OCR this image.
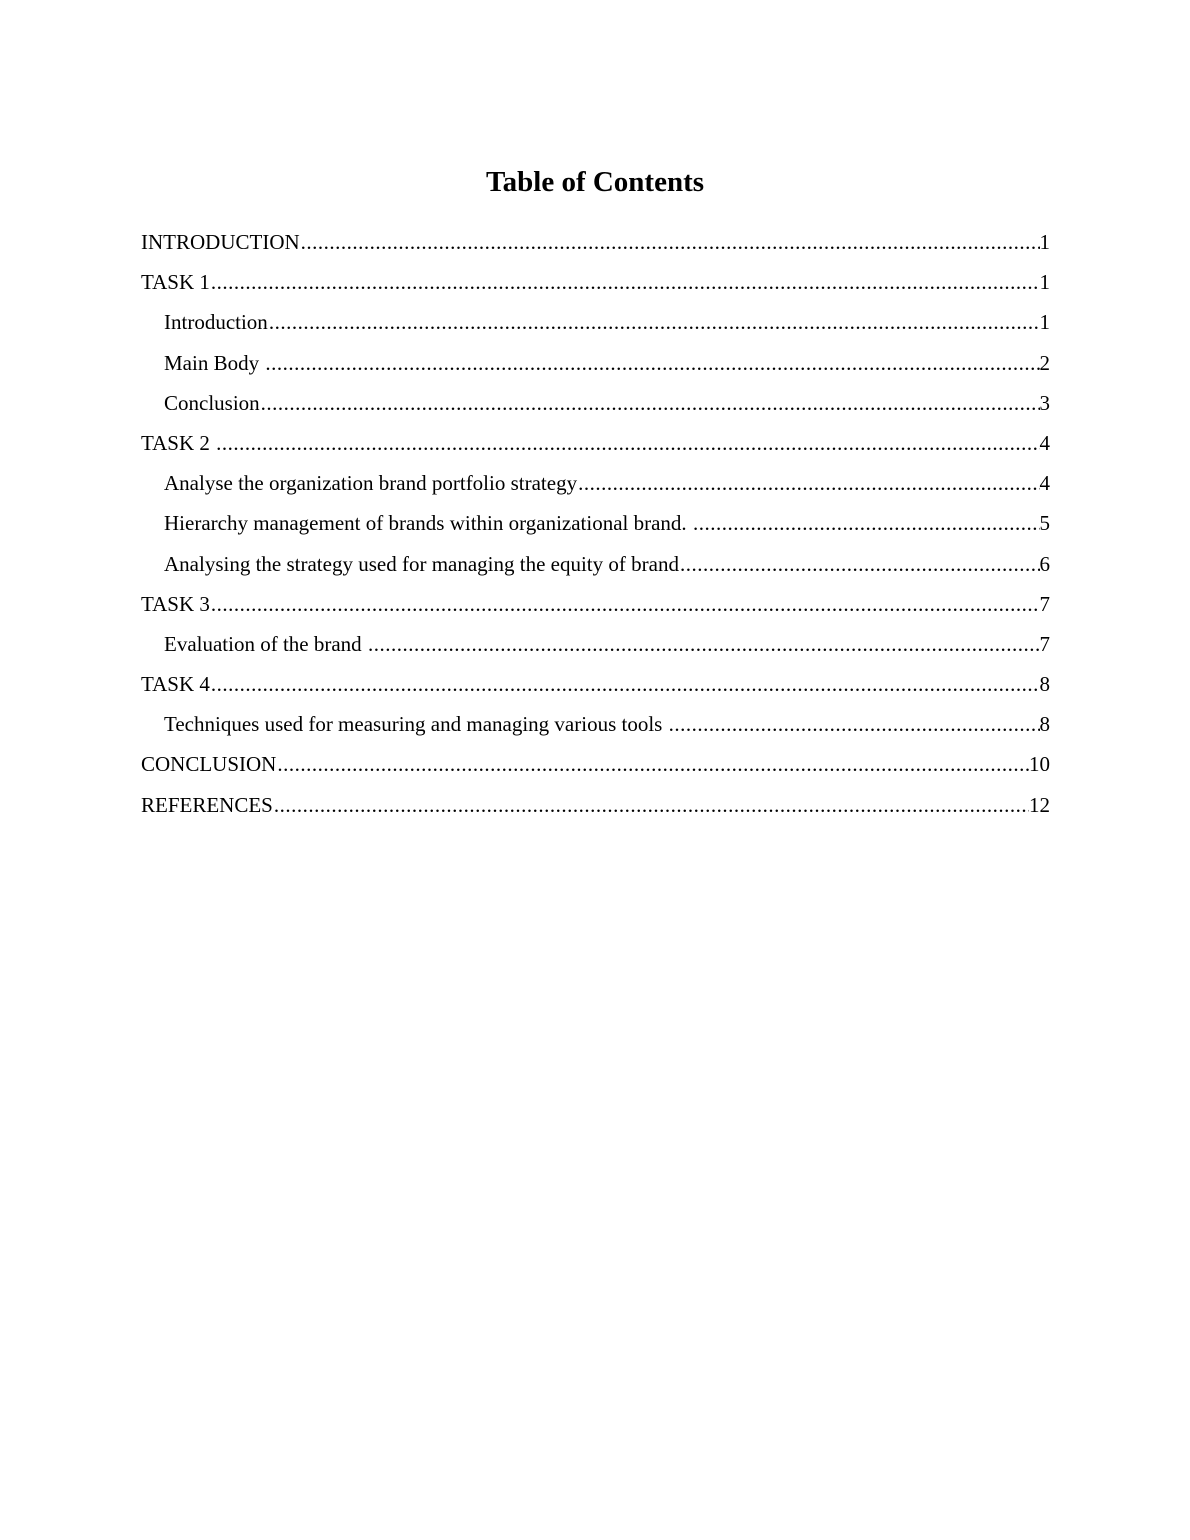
Table of Contents
INTRODUCTION .....	1
TASK 1 .....	1
Introduction .....	1
Main Body .....	2
Conclusion .....	3
TASK 2 .....	4
Analyse the organization brand portfolio strategy .....	4
Hierarchy management of brands within organizational brand. .....	5
Analysing the strategy used for managing the equity of brand .....	6
TASK 3 .....	7
Evaluation of the brand .....	7
TASK 4 .....	8
Techniques used for measuring and managing various tools .....	8
CONCLUSION .....	10
REFERENCES .....	12
